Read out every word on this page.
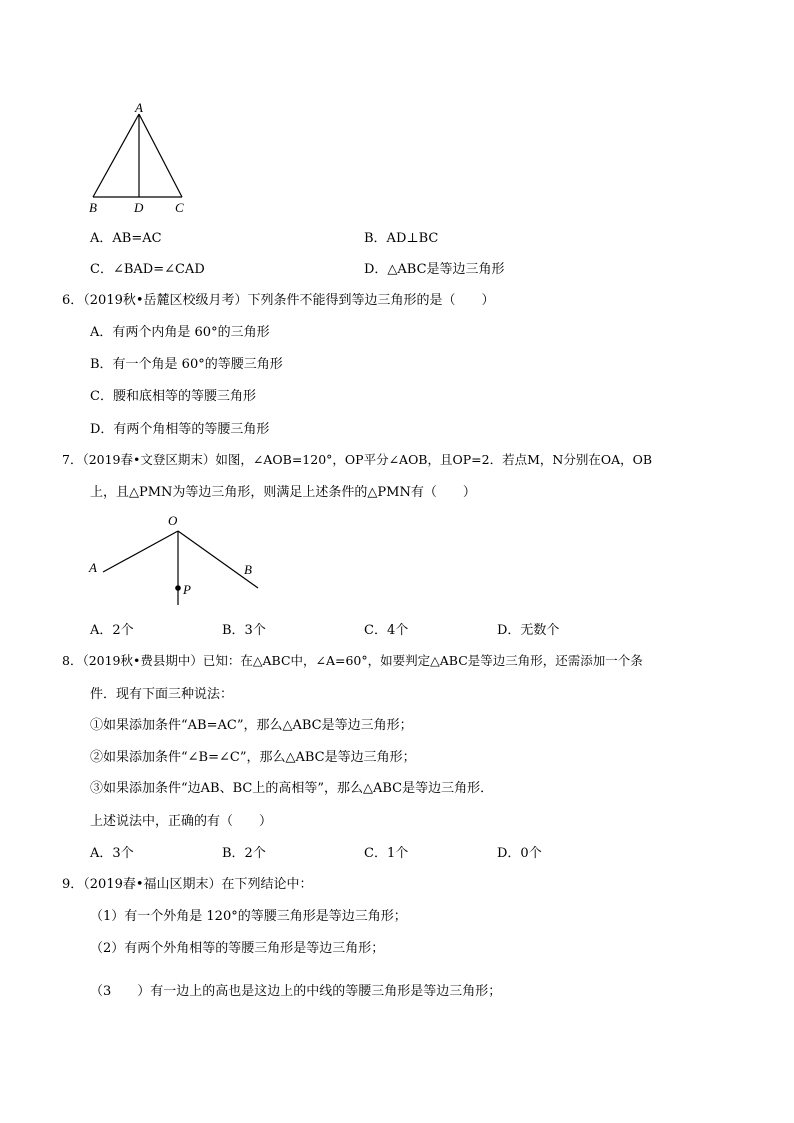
A
B	D C
A．AB=AC	B．AD⊥BC
C．∠BAD=∠CAD	D．△ABC是等边三角形
6．（2019秋•岳麓区校级月考）下列条件不能得到等边三角形的是（　　）
A．有两个内角是 60°的三角形
B．有一个角是 60°的等腰三角形
C．腰和底相等的等腰三角形
D．有两个角相等的等腰三角形
7．（2019春•文登区期末）如图，∠AOB=120°，OP平分∠AOB，且OP=2．若点M，N分别在OA，OB
上，且△PMN为等边三角形，则满足上述条件的△PMN有（　　）
O
A	B
P
A．2个	B．3个	C．4个	D．无数个
8．（2019秋•费县期中）已知：在△ABC中，∠A=60°，如要判定△ABC是等边三角形，还需添加一个条
件．现有下面三种说法：
①如果添加条件“AB=AC”，那么△ABC是等边三角形；
②如果添加条件“∠B=∠C”，那么△ABC是等边三角形；
③如果添加条件“边AB、BC上的高相等”，那么△ABC是等边三角形．
上述说法中，正确的有（　　）
A．3个	B．2个	C．1个	D．0个
9．（2019春•福山区期末）在下列结论中：
（1）有一个外角是 120°的等腰三角形是等边三角形；
（2）有两个外角相等的等腰三角形是等边三角形；
（3　　）有一边上的高也是这边上的中线的等腰三角形是等边三角形；
